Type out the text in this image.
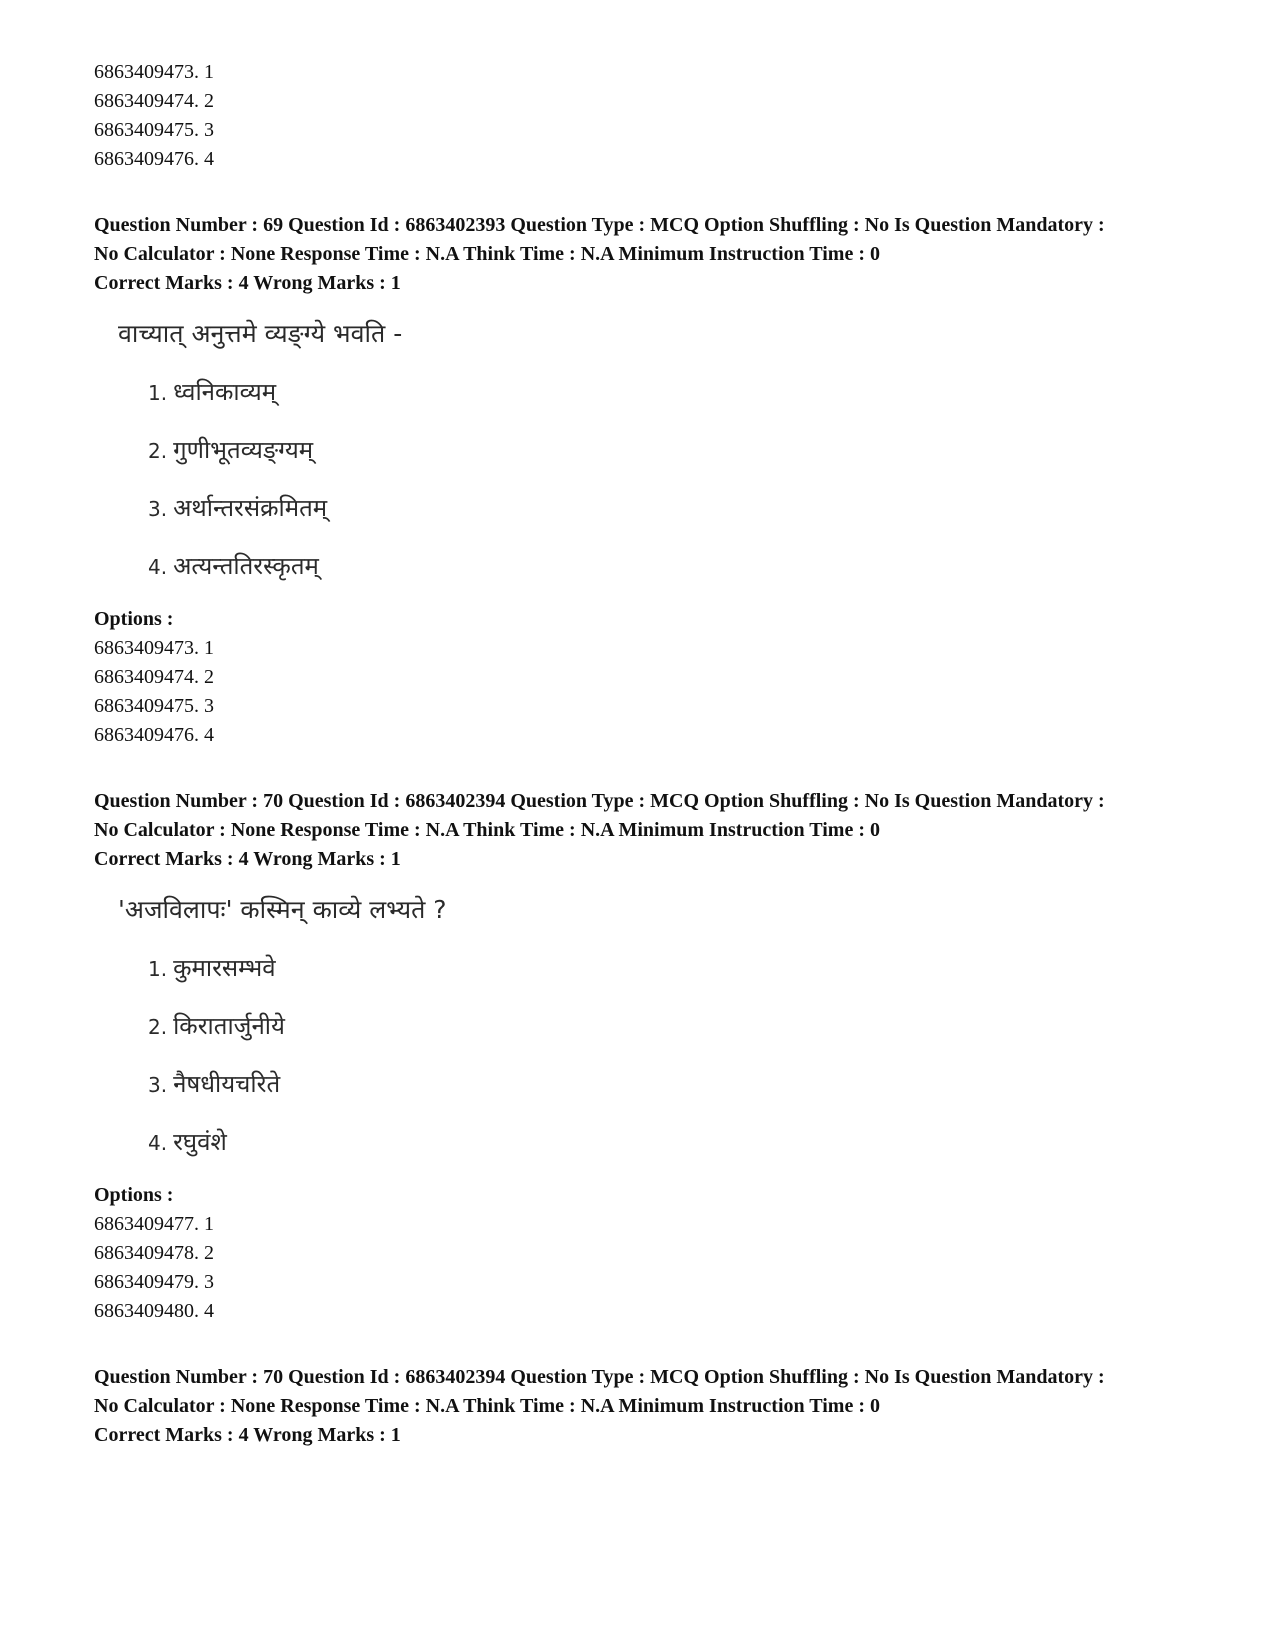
6863409473. 1
6863409474. 2
6863409475. 3
6863409476. 4
Question Number : 69 Question Id : 6863402393 Question Type : MCQ Option Shuffling : No Is Question Mandatory :
No Calculator : None Response Time : N.A Think Time : N.A Minimum Instruction Time : 0
Correct Marks : 4 Wrong Marks : 1
वाच्यात् अनुत्तमे व्यङ्ग्ये भवति -
1. ध्वनिकाव्यम्
2. गुणीभूतव्यङ्ग्यम्
3. अर्थान्तरसंक्रमितम्
4. अत्यन्ततिरस्कृतम्
Options :
6863409473. 1
6863409474. 2
6863409475. 3
6863409476. 4
Question Number : 70 Question Id : 6863402394 Question Type : MCQ Option Shuffling : No Is Question Mandatory :
No Calculator : None Response Time : N.A Think Time : N.A Minimum Instruction Time : 0
Correct Marks : 4 Wrong Marks : 1
'अजविलापः' कस्मिन् काव्ये लभ्यते ?
1. कुमारसम्भवे
2. किरातार्जुनीये
3. नैषधीयचरिते
4. रघुवंशे
Options :
6863409477. 1
6863409478. 2
6863409479. 3
6863409480. 4
Question Number : 70 Question Id : 6863402394 Question Type : MCQ Option Shuffling : No Is Question Mandatory :
No Calculator : None Response Time : N.A Think Time : N.A Minimum Instruction Time : 0
Correct Marks : 4 Wrong Marks : 1
